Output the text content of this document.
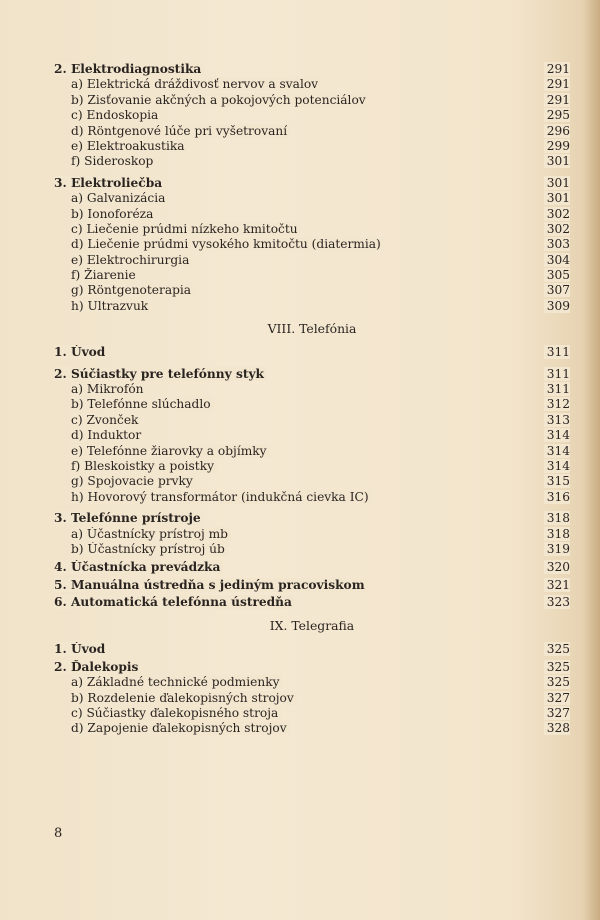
2. Elektrodiagnostika	291
a) Elektrická dráždivosť nervov a svalov	291
b) Zisťovanie akčných a pokojových potenciálov	291
c) Endoskopia	295
d) Röntgenové lúče pri vyšetrovaní	296
e) Elektroakustika	299
f) Sideroskop	301
3. Elektroliečba	301
a) Galvanizácia	301
b) Ionoforéza	302
c) Liečenie prúdmi nízkeho kmitočtu	302
d) Liečenie prúdmi vysokého kmitočtu (diatermia)	303
e) Elektrochirurgia	304
f) Žiarenie	305
g) Röntgenoterapia	307
h) Ultrazvuk	309
VIII. Telefónia
1. Úvod	311
2. Súčiastky pre telefónny styk	311
a) Mikrofón	311
b) Telefónne slúchadlo	312
c) Zvonček	313
d) Induktor	314
e) Telefónne žiarovky a objímky	314
f) Bleskoistky a poistky	314
g) Spojovacie prvky	315
h) Hovorový transformátor (indukčná cievka IC)	316
3. Telefónne prístroje	318
a) Účastnícky prístroj mb	318
b) Účastnícky prístroj úb	319
4. Účastnícka prevádzka	320
5. Manuálna ústredňa s jediným pracoviskom	321
6. Automatická telefónna ústredňa	323
IX. Telegrafia
1. Úvod	325
2. Ďalekopis	325
a) Základné technické podmienky	325
b) Rozdelenie ďalekopisných strojov	327
c) Súčiastky ďalekopisného stroja	327
d) Zapojenie ďalekopisných strojov	328
8
